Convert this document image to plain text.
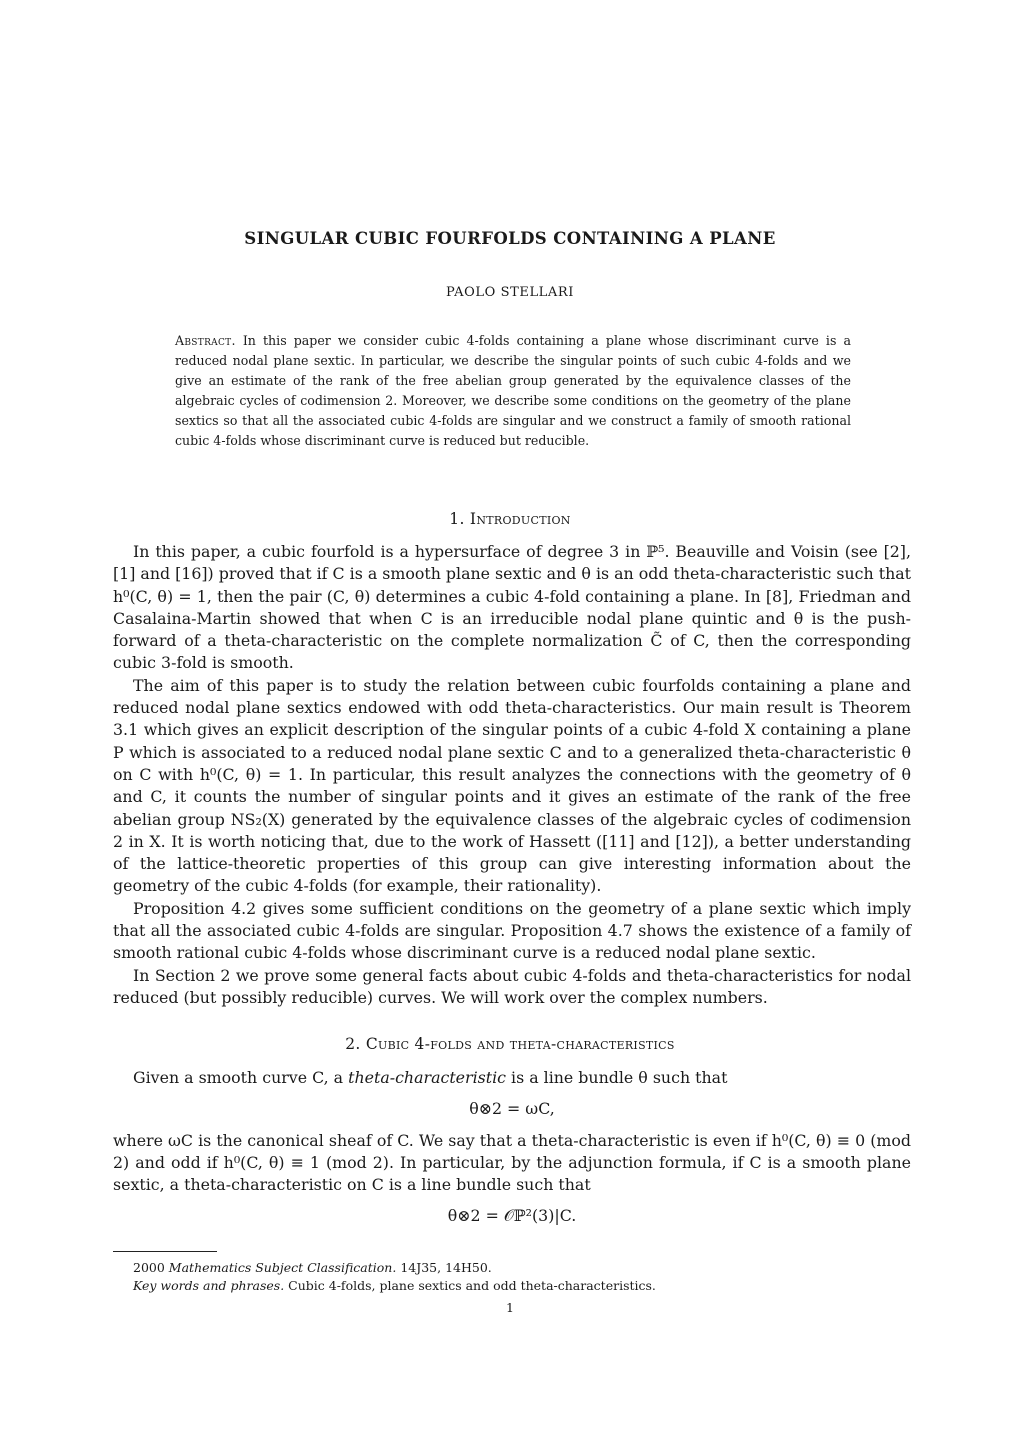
SINGULAR CUBIC FOURFOLDS CONTAINING A PLANE
PAOLO STELLARI
Abstract. In this paper we consider cubic 4-folds containing a plane whose discriminant curve is a reduced nodal plane sextic. In particular, we describe the singular points of such cubic 4-folds and we give an estimate of the rank of the free abelian group generated by the equivalence classes of the algebraic cycles of codimension 2. Moreover, we describe some conditions on the geometry of the plane sextics so that all the associated cubic 4-folds are singular and we construct a family of smooth rational cubic 4-folds whose discriminant curve is reduced but reducible.
1. Introduction

In this paper, a cubic fourfold is a hypersurface of degree 3 in ℙ⁵. Beauville and Voisin (see [2], [1] and [16]) proved that if C is a smooth plane sextic and θ is an odd theta-characteristic such that h⁰(C, θ) = 1, then the pair (C, θ) determines a cubic 4-fold containing a plane. In [8], Friedman and Casalaina-Martin showed that when C is an irreducible nodal plane quintic and θ is the push-forward of a theta-characteristic on the complete normalization C̃ of C, then the corresponding cubic 3-fold is smooth.

The aim of this paper is to study the relation between cubic fourfolds containing a plane and reduced nodal plane sextics endowed with odd theta-characteristics. Our main result is Theorem 3.1 which gives an explicit description of the singular points of a cubic 4-fold X containing a plane P which is associated to a reduced nodal plane sextic C and to a generalized theta-characteristic θ on C with h⁰(C, θ) = 1. In particular, this result analyzes the connections with the geometry of θ and C, it counts the number of singular points and it gives an estimate of the rank of the free abelian group NS₂(X) generated by the equivalence classes of the algebraic cycles of codimension 2 in X. It is worth noticing that, due to the work of Hassett ([11] and [12]), a better understanding of the lattice-theoretic properties of this group can give interesting information about the geometry of the cubic 4-folds (for example, their rationality).

Proposition 4.2 gives some sufficient conditions on the geometry of a plane sextic which imply that all the associated cubic 4-folds are singular. Proposition 4.7 shows the existence of a family of smooth rational cubic 4-folds whose discriminant curve is a reduced nodal plane sextic.

In Section 2 we prove some general facts about cubic 4-folds and theta-characteristics for nodal reduced (but possibly reducible) curves. We will work over the complex numbers.

2. Cubic 4-folds and theta-characteristics

Given a smooth curve C, a theta-characteristic is a line bundle θ such that

θ⊗2 = ωC,

where ωC is the canonical sheaf of C. We say that a theta-characteristic is even if h⁰(C, θ) ≡ 0 (mod 2) and odd if h⁰(C, θ) ≡ 1 (mod 2). In particular, by the adjunction formula, if C is a smooth plane sextic, a theta-characteristic on C is a line bundle such that

θ⊗2 = 𝒪ℙ²(3)|C.

2000 Mathematics Subject Classification. 14J35, 14H50.
Key words and phrases. Cubic 4-folds, plane sextics and odd theta-characteristics.
1
